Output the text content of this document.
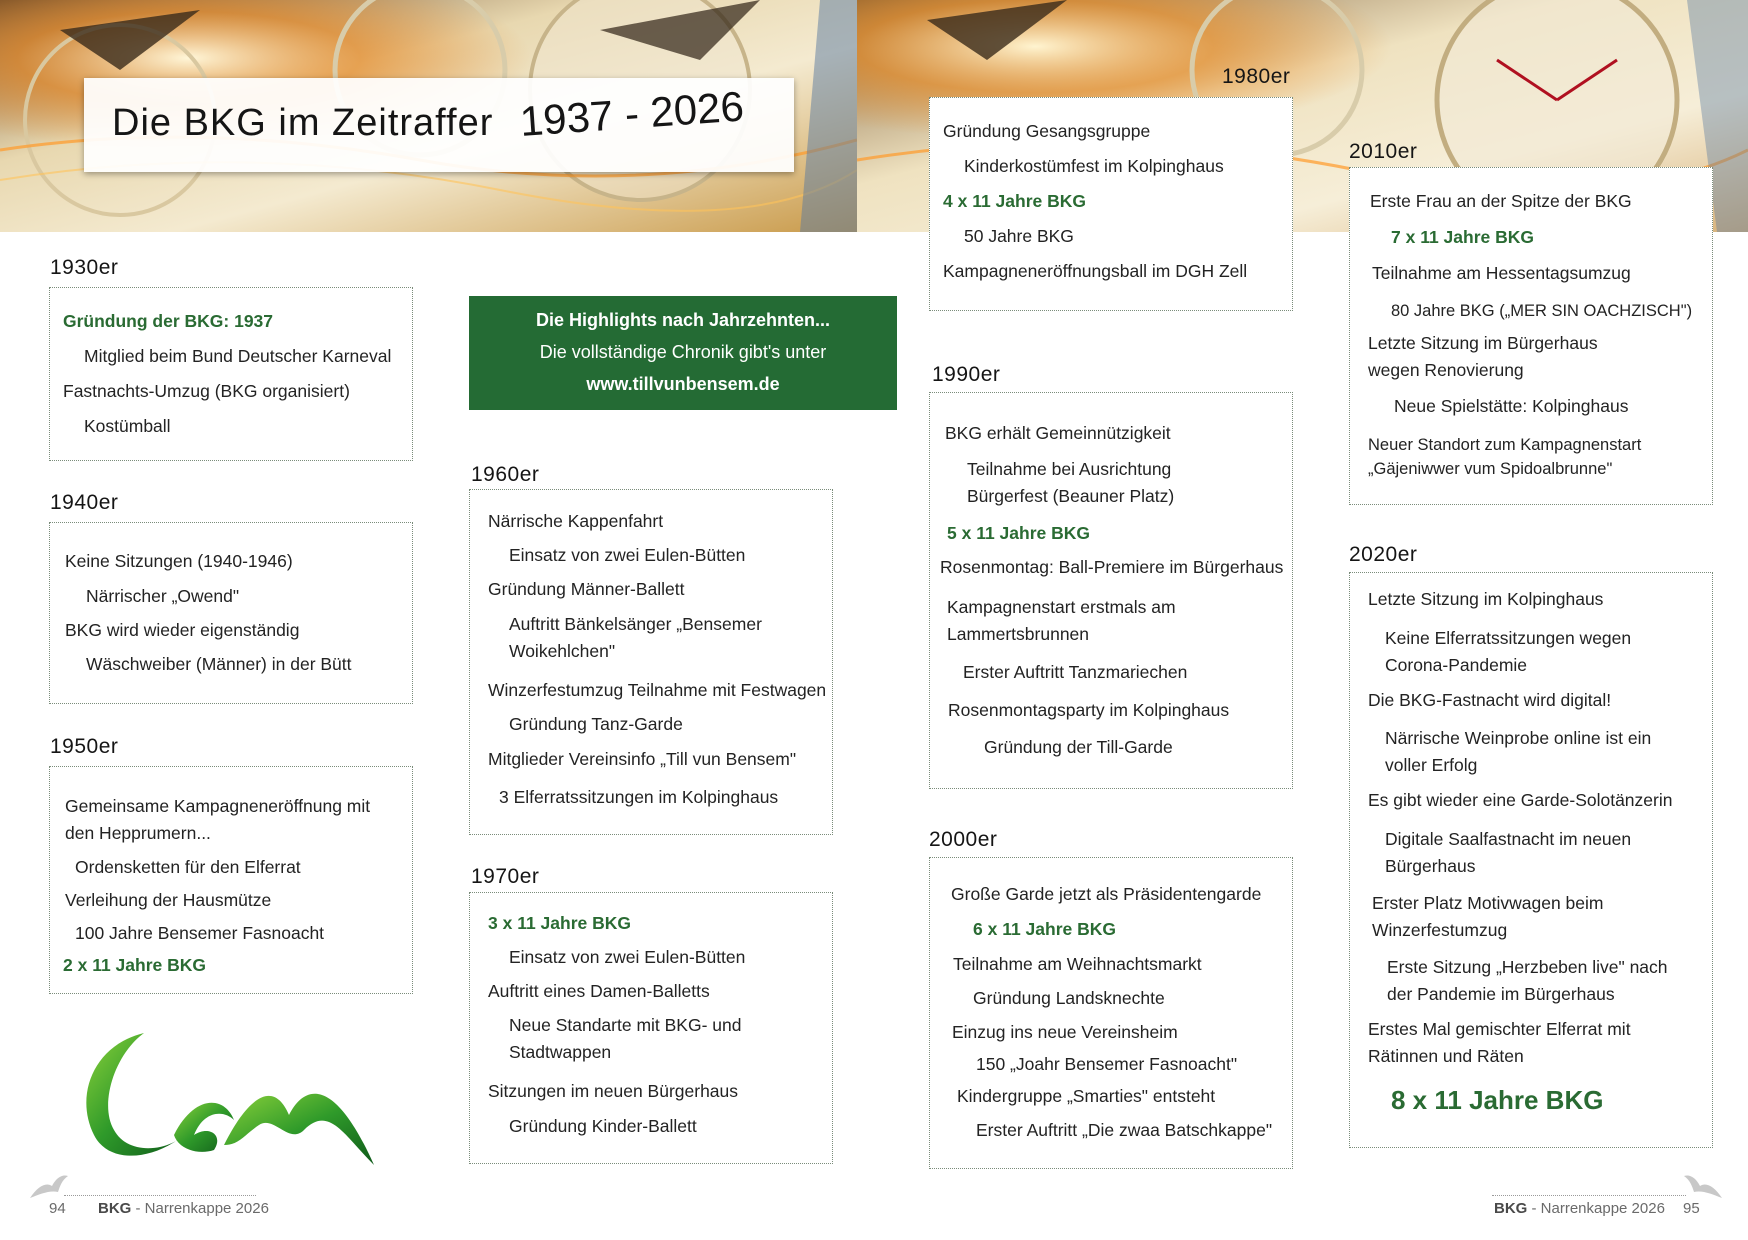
Die BKG im Zeitraffer 1937 - 2026
Die Highlights nach Jahrzehnten...
Die vollständige Chronik gibt's unter
www.tillvunbensem.de
1930er
Gründung der BKG: 1937
Mitglied beim Bund Deutscher Karneval
Fastnachts-Umzug (BKG organisiert)
Kostümball
1940er
Keine Sitzungen (1940-1946)
Närrischer „Owend"
BKG wird wieder eigenständig
Wäschweiber (Männer) in der Bütt
1950er
Gemeinsame Kampagneneröffnung mit
den Hepprumern...
Ordensketten für den Elferrat
Verleihung der Hausmütze
100 Jahre Bensemer Fasnoacht
2 x 11 Jahre BKG
1960er
Närrische Kappenfahrt
Einsatz von zwei Eulen-Bütten
Gründung Männer-Ballett
Auftritt Bänkelsänger „Bensemer
Woikehlchen"
Winzerfestumzug Teilnahme mit Festwagen
Gründung Tanz-Garde
Mitglieder Vereinsinfo „Till vun Bensem"
3 Elferratssitzungen im Kolpinghaus
1970er
3 x 11 Jahre BKG
Einsatz von zwei Eulen-Bütten
Auftritt eines Damen-Balletts
Neue Standarte mit BKG- und
Stadtwappen
Sitzungen im neuen Bürgerhaus
Gründung Kinder-Ballett
1980er
Gründung Gesangsgruppe
Kinderkostümfest im Kolpinghaus
4 x 11 Jahre BKG
50 Jahre BKG
Kampagneneröffnungsball im DGH Zell
1990er
BKG erhält Gemeinnützigkeit
Teilnahme bei Ausrichtung
Bürgerfest (Beauner Platz)
5 x 11 Jahre BKG
Rosenmontag: Ball-Premiere im Bürgerhaus
Kampagnenstart erstmals am
Lammertsbrunnen
Erster Auftritt Tanzmariechen
Rosenmontagsparty im Kolpinghaus
Gründung der Till-Garde
2000er
Große Garde jetzt als Präsidentengarde
6 x 11 Jahre BKG
Teilnahme am Weihnachtsmarkt
Gründung Landsknechte
Einzug ins neue Vereinsheim
150 „Joahr Bensemer Fasnoacht"
Kindergruppe „Smarties" entsteht
Erster Auftritt „Die zwaa Batschkappe"
2010er
Erste Frau an der Spitze der BKG
7 x 11 Jahre BKG
Teilnahme am Hessentagsumzug
80 Jahre BKG („MER SIN OACHZISCH")
Letzte Sitzung im Bürgerhaus
wegen Renovierung
Neue Spielstätte: Kolpinghaus
Neuer Standort zum Kampagnenstart
„Gäjeniwwer vum Spidoalbrunne"
2020er
Letzte Sitzung im Kolpinghaus
Keine Elferratssitzungen wegen
Corona-Pandemie
Die BKG-Fastnacht wird digital!
Närrische Weinprobe online ist ein
voller Erfolg
Es gibt wieder eine Garde-Solotänzerin
Digitale Saalfastnacht im neuen
Bürgerhaus
Erster Platz Motivwagen beim
Winzerfestumzug
Erste Sitzung „Herzbeben live" nach
der Pandemie im Bürgerhaus
Erstes Mal gemischter Elferrat mit
Rätinnen und Räten
8 x 11 Jahre BKG
94 BKG - Narrenkappe 2026	BKG - Narrenkappe 2026 95
